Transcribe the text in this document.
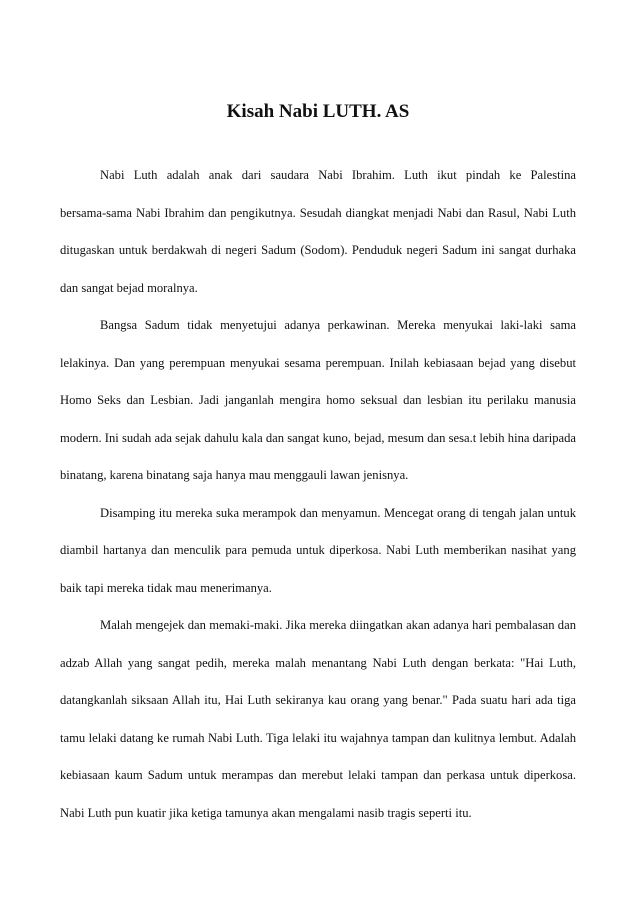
Kisah Nabi LUTH. AS
Nabi Luth adalah anak dari saudara Nabi Ibrahim. Luth ikut pindah ke Palestina
bersama-sama Nabi Ibrahim dan pengikutnya. Sesudah diangkat menjadi Nabi dan Rasul, Nabi Luth
ditugaskan untuk berdakwah di negeri Sadum (Sodom). Penduduk negeri Sadum ini sangat durhaka
dan sangat bejad moralnya.
Bangsa Sadum tidak menyetujui adanya perkawinan. Mereka menyukai laki-laki sama
lelakinya. Dan yang perempuan menyukai sesama perempuan. Inilah kebiasaan bejad yang disebut
Homo Seks dan Lesbian. Jadi janganlah mengira homo seksual dan lesbian itu perilaku manusia
modern. Ini sudah ada sejak dahulu kala dan sangat kuno, bejad, mesum dan sesa.t lebih hina daripada
binatang, karena binatang saja hanya mau menggauli lawan jenisnya.
Disamping itu mereka suka merampok dan menyamun. Mencegat orang di tengah jalan untuk
diambil hartanya dan menculik para pemuda untuk diperkosa. Nabi Luth memberikan nasihat yang
baik tapi mereka tidak mau menerimanya.
Malah mengejek dan memaki-maki. Jika mereka diingatkan akan adanya hari pembalasan dan
adzab Allah yang sangat pedih, mereka malah menantang Nabi Luth dengan berkata: "Hai Luth,
datangkanlah siksaan Allah itu, Hai Luth sekiranya kau orang yang benar." Pada suatu hari ada tiga
tamu lelaki datang ke rumah Nabi Luth. Tiga lelaki itu wajahnya tampan dan kulitnya lembut. Adalah
kebiasaan kaum Sadum untuk merampas dan merebut lelaki tampan dan perkasa untuk diperkosa.
Nabi Luth pun kuatir jika ketiga tamunya akan mengalami nasib tragis seperti itu.
